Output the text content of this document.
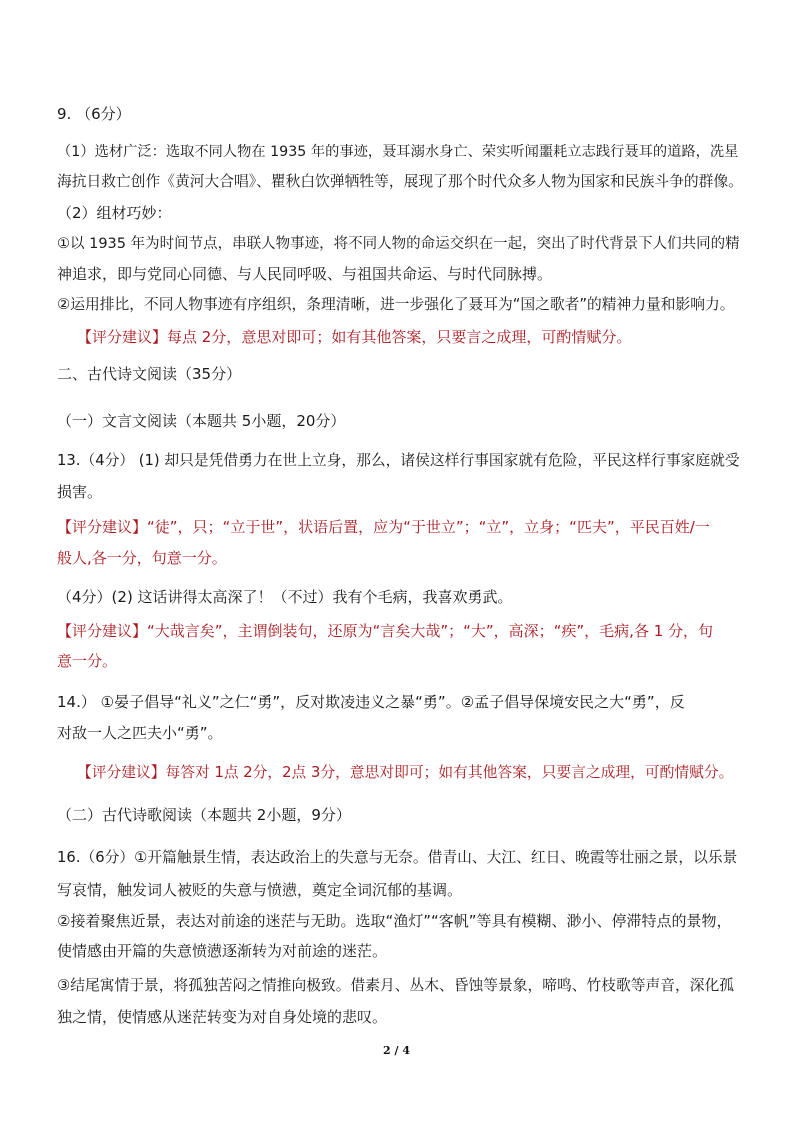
9. （6分）
（1）选材广泛：选取不同人物在 1935 年的事迹，聂耳溺水身亡、荣实听闻噩耗立志践行聂耳的道路，冼星
海抗日救亡创作《黄河大合唱》、瞿秋白饮弹牺牲等，展现了那个时代众多人物为国家和民族斗争的群像。
（2）组材巧妙：
①以 1935 年为时间节点，串联人物事迹，将不同人物的命运交织在一起，突出了时代背景下人们共同的精
神追求，即与党同心同德、与人民同呼吸、与祖国共命运、与时代同脉搏。
②运用排比，不同人物事迹有序组织，条理清晰，进一步强化了聂耳为“国之歌者”的精神力量和影响力。
【评分建议】每点 2分，意思对即可；如有其他答案，只要言之成理，可酌情赋分。
二、古代诗文阅读（35分）
（一）文言文阅读（本题共 5小题，20分）
13.（4分） (1) 却只是凭借勇力在世上立身，那么，诸侯这样行事国家就有危险，平民这样行事家庭就受
损害。
【评分建议】“徒”，只；“立于世”，状语后置，应为“于世立”；“立”，立身；“匹夫”，平民百姓/一
般人,各一分，句意一分。
（4分）(2) 这话讲得太高深了！（不过）我有个毛病，我喜欢勇武。
【评分建议】“大哉言矣”，主谓倒装句，还原为“言矣大哉”；“大”，高深；“疾”，毛病,各 1 分，句
意一分。
14.） ①晏子倡导“礼义”之仁“勇”，反对欺凌违义之暴“勇”。②孟子倡导保境安民之大“勇”，反
对敌一人之匹夫小“勇”。
【评分建议】每答对 1点 2分，2点 3分，意思对即可；如有其他答案，只要言之成理，可酌情赋分。
（二）古代诗歌阅读（本题共 2小题，9分）
16.（6分）①开篇触景生情，表达政治上的失意与无奈。借青山、大江、红日、晚霞等壮丽之景，以乐景
写哀情，触发词人被贬的失意与愤懑，奠定全词沉郁的基调。
②接着聚焦近景，表达对前途的迷茫与无助。选取“渔灯”“客帆”等具有模糊、渺小、停滞特点的景物，
使情感由开篇的失意愤懑逐渐转为对前途的迷茫。
③结尾寓情于景，将孤独苦闷之情推向极致。借素月、丛木、昏蚀等景象，啼鸣、竹枝歌等声音，深化孤
独之情，使情感从迷茫转变为对自身处境的悲叹。
2 / 4
